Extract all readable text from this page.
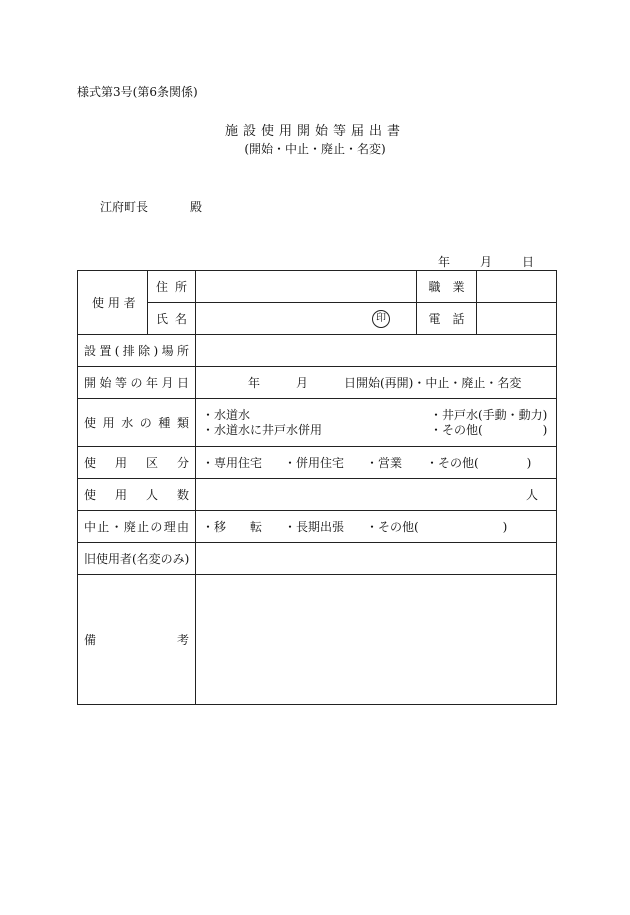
様式第3号(第6条関係)
施設使用開始等届出書
(開始・中止・廃止・名変)
江府町長	殿
年	月	日
使 用 者	住 所		職　業	
	氏 名	印	電　話	
設置(排除)場所				
開始等の年月日		年　　　月　　　日開始(再開)・中止・廃止・名変		
使用水の種類		・水道水 ・井戸水(手動・動力)
・水道水に井戸水併用 ・その他(　　　　　)		

使用区分		・専用住宅 ・併用住宅 ・営業 ・その他(　　　　)		
使用人数		人		
中止・廃止の理由		・移　　転 ・長期出張 ・その他(　　　　　　　)		
旧使用者(名変のみ)				
備考				
